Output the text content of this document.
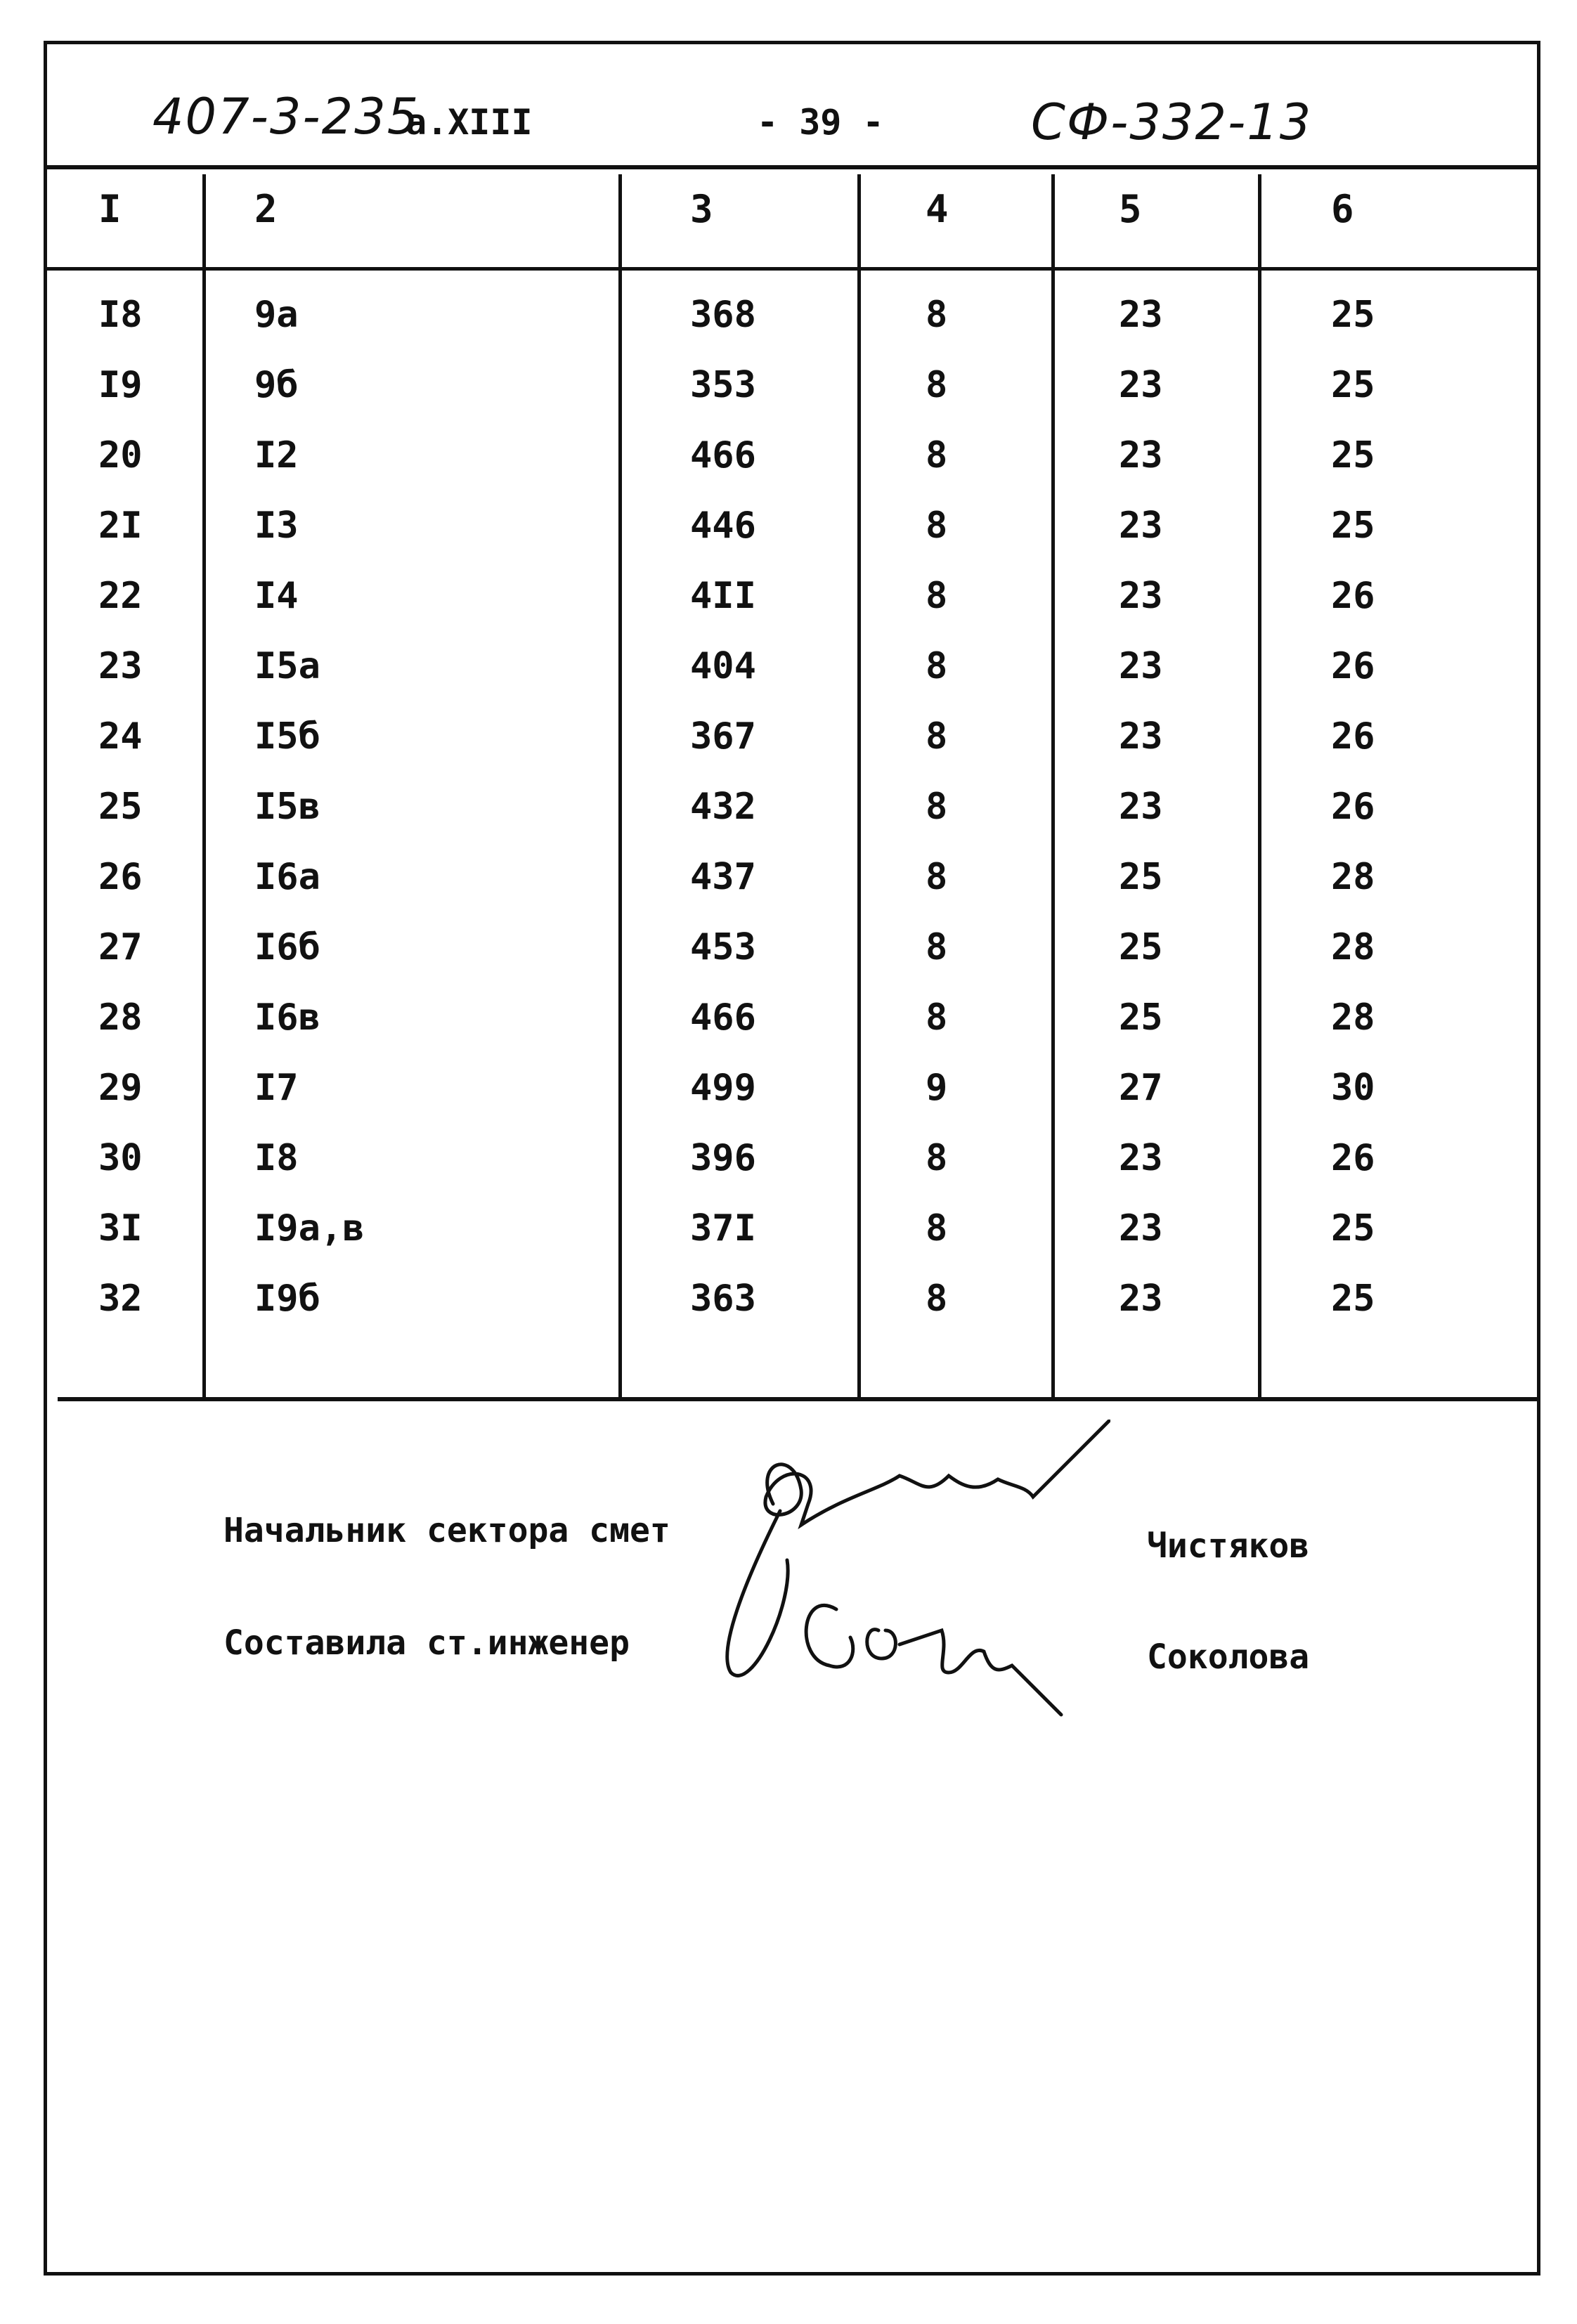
407-3-235
а.XIII	- 39 -	СФ-332-13
I	2	3	4	5	6
I8	9а	368	8	23	25
I9	9б	353	8	23	25
20	I2	466	8	23	25
2I	I3	446	8	23	25
22	I4	4II	8	23	26
23	I5а	404	8	23	26
24	I5б	367	8	23	26
25	I5в	432	8	23	26
26	I6а	437	8	25	28
27	I6б	453	8	25	28
28	I6в	466	8	25	28
29	I7	499	9	27	30
30	I8	396	8	23	26
3I	I9а,в	37I	8	23	25
32	I9б	363	8	23	25
Начальник сектора смет	Чистяков
Составила ст.инженер	Соколова
